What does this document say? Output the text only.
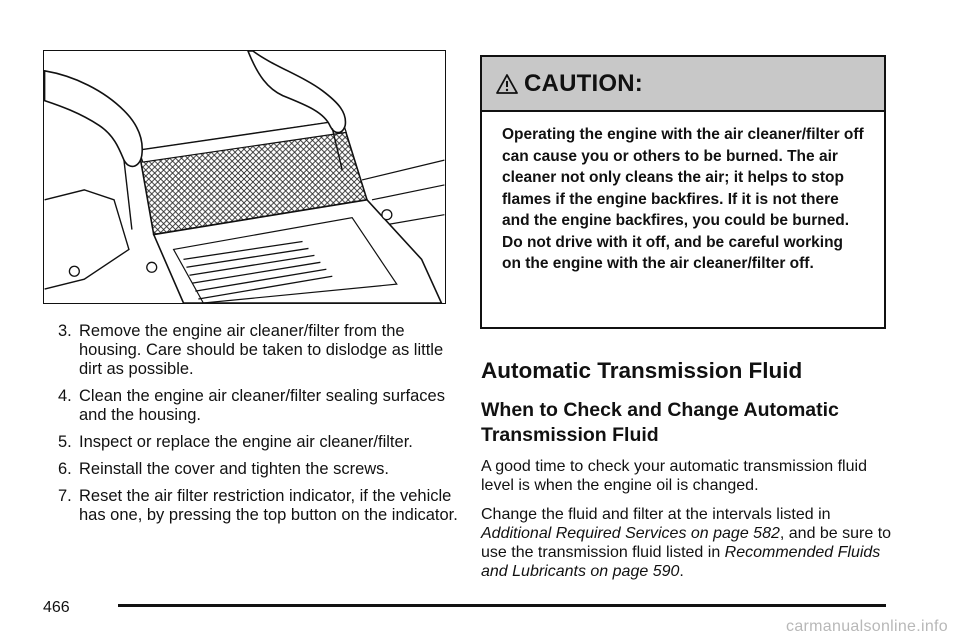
3. Remove the engine air cleaner/filter from the housing. Care should be taken to dislodge as little dirt as possible.
4. Clean the engine air cleaner/filter sealing surfaces and the housing.
5. Inspect or replace the engine air cleaner/filter.
6. Reinstall the cover and tighten the screws.
7. Reset the air filter restriction indicator, if the vehicle has one, by pressing the top button on the indicator.
CAUTION:
Operating the engine with the air cleaner/filter off can cause you or others to be burned. The air cleaner not only cleans the air; it helps to stop flames if the engine backfires. If it is not there and the engine backfires, you could be burned. Do not drive with it off, and be careful working on the engine with the air cleaner/filter off.
Automatic Transmission Fluid
When to Check and Change Automatic Transmission Fluid

A good time to check your automatic transmission fluid level is when the engine oil is changed.

Change the fluid and filter at the intervals listed in Additional Required Services on page 582, and be sure to use the transmission fluid listed in Recommended Fluids and Lubricants on page 590.

466
carmanualsonline.info
